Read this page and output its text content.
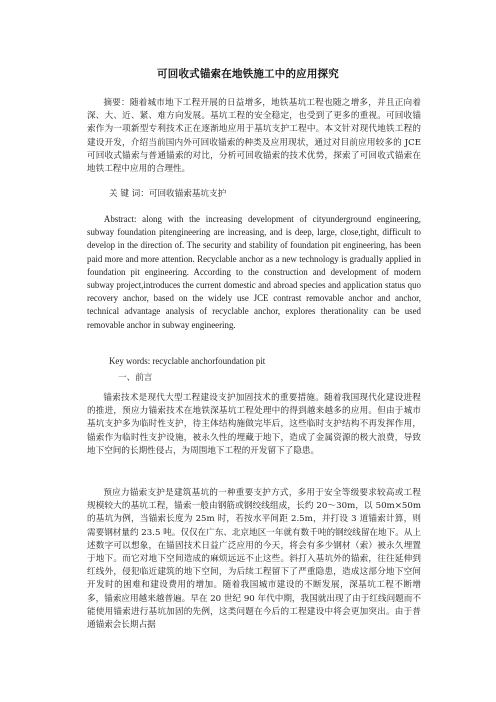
可回收式锚索在地铁施工中的应用探究
摘要：随着城市地下工程开展的日益增多，地铁基坑工程也随之增多，并且正向着深、大、近、紧、难方向发展。基坑工程的安全稳定，也受到了更多的重视。可回收锚索作为一项新型专利技术正在逐渐地应用于基坑支护工程中。本文针对现代地铁工程的建设开发，介绍当前国内外可回收锚索的种类及应用现状，通过对目前应用较多的 JCE 可回收式锚索与普通锚索的对比，分析可回收锚索的技术优势，探索了可回收式锚索在地铁工程中应用的合理性。
关 键 词：可回收锚索基坑支护
Abstract: along with the increasing development of cityunderground engineering, subway foundation pitengineering are increasing, and is deep, large, close,tight, difficult to develop in the direction of. The security and stability of foundation pit engineering, has been paid more and more attention. Recyclable anchor as a new technology is gradually applied in foundation pit engineering. According to the construction and development of modern subway project,introduces the current domestic and abroad species and application status quo recovery anchor, based on the widely use JCE contrast removable anchor and anchor, technical advantage analysis of recyclable anchor, explores therationality can be used removable anchor in subway engineering.
Key words: recyclable anchorfoundation pit
一、前言
锚索技术是现代大型工程建设支护加固技术的重要措施。随着我国现代化建设进程的推进，预应力锚索技术在地铁深基坑工程处理中的得到越来越多的应用。但由于城市基坑支护多为临时性支护，待主体结构施做完毕后，这些临时支护结构不再发挥作用，锚索作为临时性支护设施，被永久性的埋藏于地下，造成了金属资源的极大浪费，导致地下空间的长期性侵占，为周围地下工程的开发留下了隐患。
预应力锚索支护是建筑基坑的一种重要支护方式，多用于安全等级要求较高或工程规模较大的基坑工程，锚索一般由钢筋或钢绞线组成，长约 20～30m，以 50m×50m 的基坑为例，当锚索长度为 25m 时，若按水平间距 2.5m，并打设 3 道锚索计算，则需要钢材量约 23.5 吨。仅仅在广东、北京地区一年就有数千吨的钢绞线留在地下。从上述数字可以想象，在锚固技术日益广泛应用的今天，将会有多少钢材（索）被永久埋置于地下。而它对地下空间造成的麻烦远远不止这些。斜打入基坑外的锚索，往往延伸到红线外，侵犯临近建筑的地下空间，为后续工程留下了严重隐患，造成这部分地下空间开发时的困难和建设费用的增加。随着我国城市建设的不断发展，深基坑工程不断增多，锚索应用越来越普遍。早在 20 世纪 90 年代中期，我国就出现了由于红线问题而不能使用锚索进行基坑加固的先例，这类问题在今后的工程建设中将会更加突出。由于普通锚索会长期占据
